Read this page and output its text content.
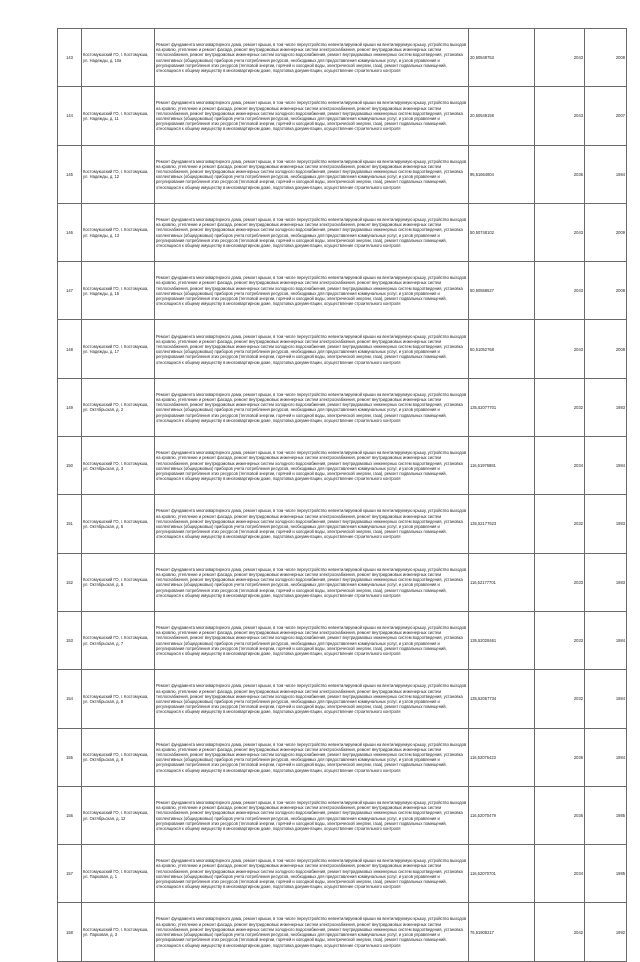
143	Костомукшский ГО, г. Костомукша, ул. Надежды, д. 10а	Ремонт фундамента многоквартирного дома, ремонт крыши, в том числе переустройство невентилируемой крыши на вентилируемую крышу, устройство выходов на кровлю, утепление и ремонт фасада, ремонт внутридомовых инженерных систем электроснабжения, ремонт внутридомовых инженерных систем теплоснабжения, ремонт внутридомовых инженерных систем холодного водоснабжения, ремонт внутридомовых инженерных систем водоотведения, установка коллективных (общедомовых) приборов учета потребления ресурсов, необходимых для предоставления коммунальных услуг, и узлов управления и регулирования потребления этих ресурсов (тепловой энергии, горячей и холодной воды, электрической энергии, газа), ремонт подвальных помещений, относящихся к общему имуществу в многоквартирном доме, подготовка документации, осуществление строительного контроля	20,50549753	2043	2008
144	Костомукшский ГО, г. Костомукша, ул. Надежды, д. 11	Ремонт фундамента многоквартирного дома, ремонт крыши, в том числе переустройство невентилируемой крыши на вентилируемую крышу, устройство выходов на кровлю, утепление и ремонт фасада, ремонт внутридомовых инженерных систем электроснабжения, ремонт внутридомовых инженерных систем теплоснабжения, ремонт внутридомовых инженерных систем холодного водоснабжения, ремонт внутридомовых инженерных систем водоотведения, установка коллективных (общедомовых) приборов учета потребления ресурсов, необходимых для предоставления коммунальных услуг, и узлов управления и регулирования потребления этих ресурсов (тепловой энергии, горячей и холодной воды, электрической энергии, газа), ремонт подвальных помещений, относящихся к общему имуществу в многоквартирном доме, подготовка документации, осуществление строительного контроля	20,50549158	2043	2007
145	Костомукшский ГО, г. Костомукша, ул. Надежды, д. 12	Ремонт фундамента многоквартирного дома, ремонт крыши, в том числе переустройство невентилируемой крыши на вентилируемую крышу, устройство выходов на кровлю, утепление и ремонт фасада, ремонт внутридомовых инженерных систем электроснабжения, ремонт внутридомовых инженерных систем теплоснабжения, ремонт внутридомовых инженерных систем холодного водоснабжения, ремонт внутридомовых инженерных систем водоотведения, установка коллективных (общедомовых) приборов учета потребления ресурсов, необходимых для предоставления коммунальных услуг, и узлов управления и регулирования потребления этих ресурсов (тепловой энергии, горячей и холодной воды, электрической энергии, газа), ремонт подвальных помещений, относящихся к общему имуществу в многоквартирном доме, подготовка документации, осуществление строительного контроля	95,51664804	2036	1984
146	Костомукшский ГО, г. Костомукша, ул. Надежды, д. 13	Ремонт фундамента многоквартирного дома, ремонт крыши, в том числе переустройство невентилируемой крыши на вентилируемую крышу, устройство выходов на кровлю, утепление и ремонт фасада, ремонт внутридомовых инженерных систем электроснабжения, ремонт внутридомовых инженерных систем теплоснабжения, ремонт внутридомовых инженерных систем холодного водоснабжения, ремонт внутридомовых инженерных систем водоотведения, установка коллективных (общедомовых) приборов учета потребления ресурсов, необходимых для предоставления коммунальных услуг, и узлов управления и регулирования потребления этих ресурсов (тепловой энергии, горячей и холодной воды, электрической энергии, газа), ремонт подвальных помещений, относящихся к общему имуществу в многоквартирном доме, подготовка документации, осуществление строительного контроля	50,50748102	2043	2009
147	Костомукшский ГО, г. Костомукша, ул. Надежды, д. 15	Ремонт фундамента многоквартирного дома, ремонт крыши, в том числе переустройство невентилируемой крыши на вентилируемую крышу, устройство выходов на кровлю, утепление и ремонт фасада, ремонт внутридомовых инженерных систем электроснабжения, ремонт внутридомовых инженерных систем теплоснабжения, ремонт внутридомовых инженерных систем холодного водоснабжения, ремонт внутридомовых инженерных систем водоотведения, установка коллективных (общедомовых) приборов учета потребления ресурсов, необходимых для предоставления коммунальных услуг, и узлов управления и регулирования потребления этих ресурсов (тепловой энергии, горячей и холодной воды, электрической энергии, газа), ремонт подвальных помещений, относящихся к общему имуществу в многоквартирном доме, подготовка документации, осуществление строительного контроля	50,50558627	2043	2008
148	Костомукшский ГО, г. Костомукша, ул. Надежды, д. 17	Ремонт фундамента многоквартирного дома, ремонт крыши, в том числе переустройство невентилируемой крыши на вентилируемую крышу, устройство выходов на кровлю, утепление и ремонт фасада, ремонт внутридомовых инженерных систем электроснабжения, ремонт внутридомовых инженерных систем теплоснабжения, ремонт внутридомовых инженерных систем холодного водоснабжения, ремонт внутридомовых инженерных систем водоотведения, установка коллективных (общедомовых) приборов учета потребления ресурсов, необходимых для предоставления коммунальных услуг, и узлов управления и регулирования потребления этих ресурсов (тепловой энергии, горячей и холодной воды, электрической энергии, газа), ремонт подвальных помещений, относящихся к общему имуществу в многоквартирном доме, подготовка документации, осуществление строительного контроля	50,51052768	2043	2008
149	Костомукшский ГО, г. Костомукша, ул. Октябрьская, д. 2	Ремонт фундамента многоквартирного дома, ремонт крыши, в том числе переустройство невентилируемой крыши на вентилируемую крышу, устройство выходов на кровлю, утепление и ремонт фасада, ремонт внутридомовых инженерных систем электроснабжения, ремонт внутридомовых инженерных систем теплоснабжения, ремонт внутридомовых инженерных систем холодного водоснабжения, ремонт внутридомовых инженерных систем водоотведения, установка коллективных (общедомовых) приборов учета потребления ресурсов, необходимых для предоставления коммунальных услуг, и узлов управления и регулирования потребления этих ресурсов (тепловой энергии, горячей и холодной воды, электрической энергии, газа), ремонт подвальных помещений, относящихся к общему имуществу в многоквартирном доме, подготовка документации, осуществление строительного контроля	135,52077701	2032	1983
150	Костомукшский ГО, г. Костомукша, ул. Октябрьская, д. 3	Ремонт фундамента многоквартирного дома, ремонт крыши, в том числе переустройство невентилируемой крыши на вентилируемую крышу, устройство выходов на кровлю, утепление и ремонт фасада, ремонт внутридомовых инженерных систем электроснабжения, ремонт внутридомовых инженерных систем теплоснабжения, ремонт внутридомовых инженерных систем холодного водоснабжения, ремонт внутридомовых инженерных систем водоотведения, установка коллективных (общедомовых) приборов учета потребления ресурсов, необходимых для предоставления коммунальных услуг, и узлов управления и регулирования потребления этих ресурсов (тепловой энергии, горячей и холодной воды, электрической энергии, газа), ремонт подвальных помещений, относящихся к общему имуществу в многоквартирном доме, подготовка документации, осуществление строительного контроля	116,51976881	2034	1984
151	Костомукшский ГО, г. Костомукша, ул. Октябрьская, д. 5	Ремонт фундамента многоквартирного дома, ремонт крыши, в том числе переустройство невентилируемой крыши на вентилируемую крышу, устройство выходов на кровлю, утепление и ремонт фасада, ремонт внутридомовых инженерных систем электроснабжения, ремонт внутридомовых инженерных систем теплоснабжения, ремонт внутридомовых инженерных систем холодного водоснабжения, ремонт внутридомовых инженерных систем водоотведения, установка коллективных (общедомовых) приборов учета потребления ресурсов, необходимых для предоставления коммунальных услуг, и узлов управления и регулирования потребления этих ресурсов (тепловой энергии, горячей и холодной воды, электрической энергии, газа), ремонт подвальных помещений, относящихся к общему имуществу в многоквартирном доме, подготовка документации, осуществление строительного контроля	135,52177623	2032	1983
152	Костомукшский ГО, г. Костомукша, ул. Октябрьская, д. 6	Ремонт фундамента многоквартирного дома, ремонт крыши, в том числе переустройство невентилируемой крыши на вентилируемую крышу, устройство выходов на кровлю, утепление и ремонт фасада, ремонт внутридомовых инженерных систем электроснабжения, ремонт внутридомовых инженерных систем теплоснабжения, ремонт внутридомовых инженерных систем холодного водоснабжения, ремонт внутридомовых инженерных систем водоотведения, установка коллективных (общедомовых) приборов учета потребления ресурсов, необходимых для предоставления коммунальных услуг, и узлов управления и регулирования потребления этих ресурсов (тепловой энергии, горячей и холодной воды, электрической энергии, газа), ремонт подвальных помещений, относящихся к общему имуществу в многоквартирном доме, подготовка документации, осуществление строительного контроля	116,52177701	2033	1983
153	Костомукшский ГО, г. Костомукша, ул. Октябрьская, д. 7	Ремонт фундамента многоквартирного дома, ремонт крыши, в том числе переустройство невентилируемой крыши на вентилируемую крышу, устройство выходов на кровлю, утепление и ремонт фасада, ремонт внутридомовых инженерных систем электроснабжения, ремонт внутридомовых инженерных систем теплоснабжения, ремонт внутридомовых инженерных систем холодного водоснабжения, ремонт внутридомовых инженерных систем водоотведения, установка коллективных (общедомовых) приборов учета потребления ресурсов, необходимых для предоставления коммунальных услуг, и узлов управления и регулирования потребления этих ресурсов (тепловой энергии, горячей и холодной воды, электрической энергии, газа), ремонт подвальных помещений, относящихся к общему имуществу в многоквартирном доме, подготовка документации, осуществление строительного контроля	135,52028461	2033	1984
154	Костомукшский ГО, г. Костомукша, ул. Октябрьская, д. 8	Ремонт фундамента многоквартирного дома, ремонт крыши, в том числе переустройство невентилируемой крыши на вентилируемую крышу, устройство выходов на кровлю, утепление и ремонт фасада, ремонт внутридомовых инженерных систем электроснабжения, ремонт внутридомовых инженерных систем теплоснабжения, ремонт внутридомовых инженерных систем холодного водоснабжения, ремонт внутридомовых инженерных систем водоотведения, установка коллективных (общедомовых) приборов учета потребления ресурсов, необходимых для предоставления коммунальных услуг, и узлов управления и регулирования потребления этих ресурсов (тепловой энергии, горячей и холодной воды, электрической энергии, газа), ремонт подвальных помещений, относящихся к общему имуществу в многоквартирном доме, подготовка документации, осуществление строительного контроля	135,52067734	2032	1984
155	Костомукшский ГО, г. Костомукша, ул. Октябрьская, д. 9	Ремонт фундамента многоквартирного дома, ремонт крыши, в том числе переустройство невентилируемой крыши на вентилируемую крышу, устройство выходов на кровлю, утепление и ремонт фасада, ремонт внутридомовых инженерных систем электроснабжения, ремонт внутридомовых инженерных систем теплоснабжения, ремонт внутридомовых инженерных систем холодного водоснабжения, ремонт внутридомовых инженерных систем водоотведения, установка коллективных (общедомовых) приборов учета потребления ресурсов, необходимых для предоставления коммунальных услуг, и узлов управления и регулирования потребления этих ресурсов (тепловой энергии, горячей и холодной воды, электрической энергии, газа), ремонт подвальных помещений, относящихся к общему имуществу в многоквартирном доме, подготовка документации, осуществление строительного контроля	116,52076423	2036	1984
156	Костомукшский ГО, г. Костомукша, ул. Октябрьская, д. 12	Ремонт фундамента многоквартирного дома, ремонт крыши, в том числе переустройство невентилируемой крыши на вентилируемую крышу, устройство выходов на кровлю, утепление и ремонт фасада, ремонт внутридомовых инженерных систем электроснабжения, ремонт внутридомовых инженерных систем теплоснабжения, ремонт внутридомовых инженерных систем холодного водоснабжения, ремонт внутридомовых инженерных систем водоотведения, установка коллективных (общедомовых) приборов учета потребления ресурсов, необходимых для предоставления коммунальных услуг, и узлов управления и регулирования потребления этих ресурсов (тепловой энергии, горячей и холодной воды, электрической энергии, газа), ремонт подвальных помещений, относящихся к общему имуществу в многоквартирном доме, подготовка документации, осуществление строительного контроля	116,52070479	2036	1985
157	Костомукшский ГО, г. Костомукша, ул. Парковая, д. 1	Ремонт фундамента многоквартирного дома, ремонт крыши, в том числе переустройство невентилируемой крыши на вентилируемую крышу, устройство выходов на кровлю, утепление и ремонт фасада, ремонт внутридомовых инженерных систем электроснабжения, ремонт внутридомовых инженерных систем теплоснабжения, ремонт внутридомовых инженерных систем холодного водоснабжения, ремонт внутридомовых инженерных систем водоотведения, установка коллективных (общедомовых) приборов учета потребления ресурсов, необходимых для предоставления коммунальных услуг, и узлов управления и регулирования потребления этих ресурсов (тепловой энергии, горячей и холодной воды, электрической энергии, газа), ремонт подвальных помещений, относящихся к общему имуществу в многоквартирном доме, подготовка документации, осуществление строительного контроля	116,52070701	2034	1985
158	Костомукшский ГО, г. Костомукша, ул. Парковая, д. 3	Ремонт фундамента многоквартирного дома, ремонт крыши, в том числе переустройство невентилируемой крыши на вентилируемую крышу, устройство выходов на кровлю, утепление и ремонт фасада, ремонт внутридомовых инженерных систем электроснабжения, ремонт внутридомовых инженерных систем теплоснабжения, ремонт внутридомовых инженерных систем холодного водоснабжения, ремонт внутридомовых инженерных систем водоотведения, установка коллективных (общедомовых) приборов учета потребления ресурсов, необходимых для предоставления коммунальных услуг, и узлов управления и регулирования потребления этих ресурсов (тепловой энергии, горячей и холодной воды, электрической энергии, газа), ремонт подвальных помещений, относящихся к общему имуществу в многоквартирном доме, подготовка документации, осуществление строительного контроля	75,51908217	2042	1992
